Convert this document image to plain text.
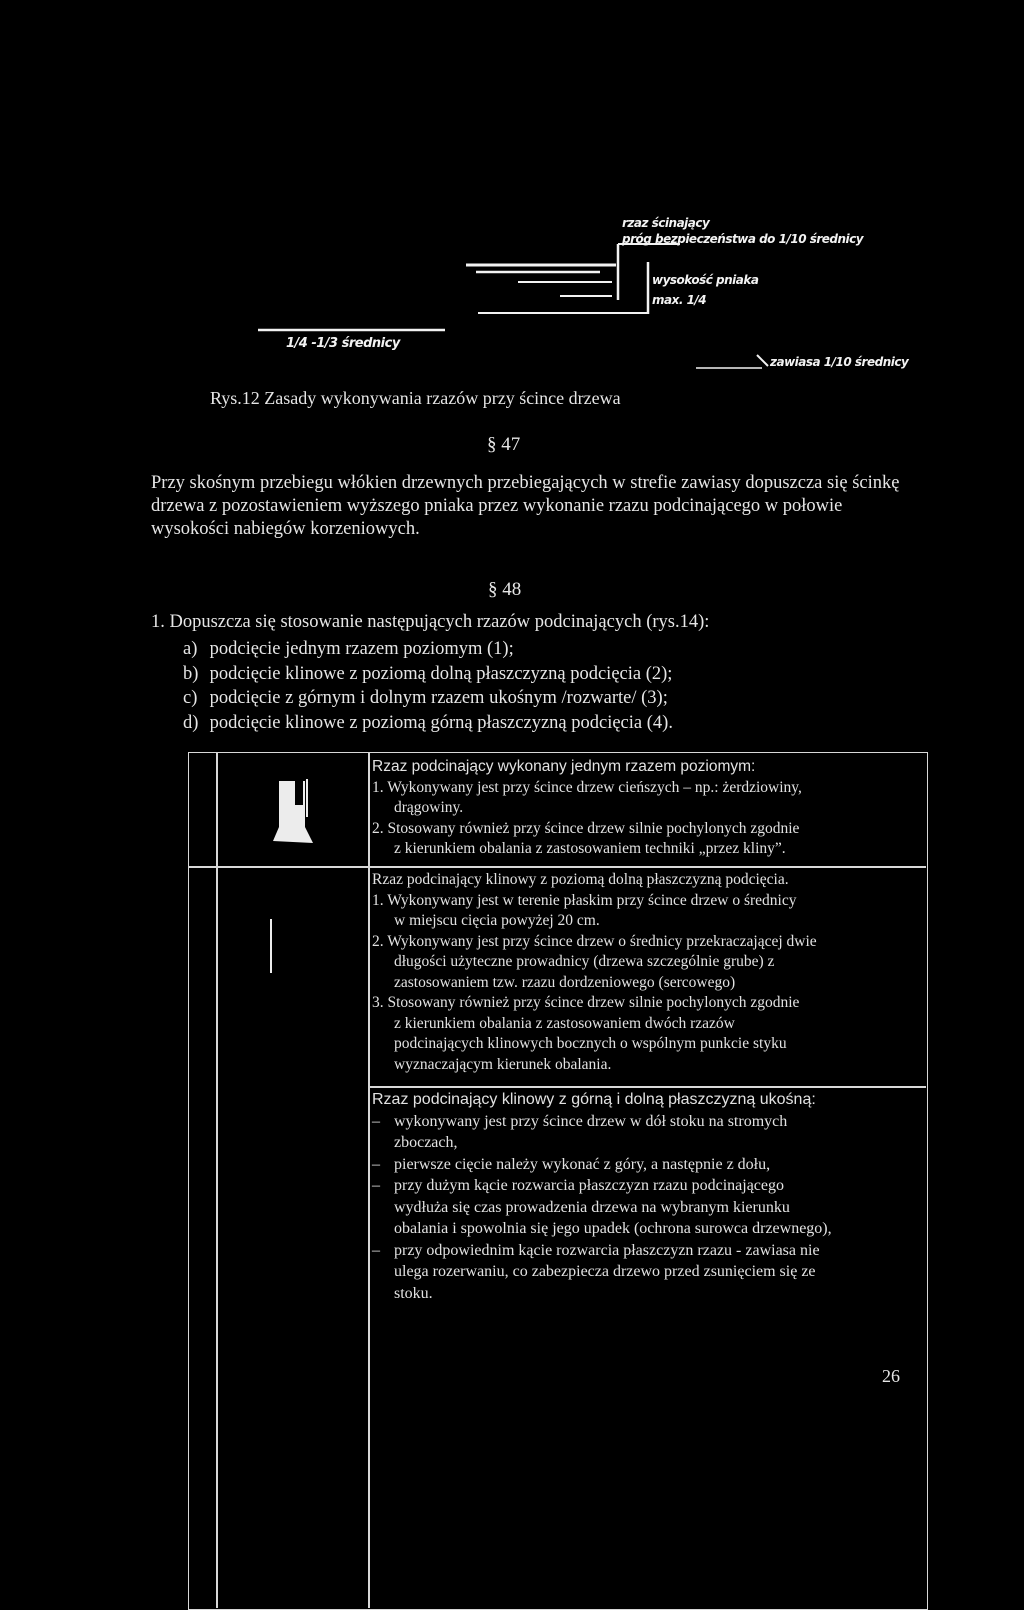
rzaz ścinający
próg bezpieczeństwa do 1/10 średnicy
wysokość pniaka
max. 1/4
1/4 -1/3 średnicy
zawiasa 1/10 średnicy
Rys.12 Zasady wykonywania rzazów przy ścince drzewa
§ 47
Przy skośnym przebiegu włókien drzewnych przebiegających w strefie zawiasy dopuszcza się ścinkę drzewa z pozostawieniem wyższego pniaka przez wykonanie rzazu podcinającego w połowie wysokości nabiegów korzeniowych.
§ 48
1. Dopuszcza się stosowanie następujących rzazów podcinających (rys.14):
a) podcięcie jednym rzazem poziomym (1);
b) podcięcie klinowe z poziomą dolną płaszczyzną podcięcia (2);
c) podcięcie z górnym i dolnym rzazem ukośnym /rozwarte/ (3);
d) podcięcie klinowe z poziomą górną płaszczyzną podcięcia (4).
Rzaz podcinający wykonany jednym rzazem poziomym:
1. Wykonywany jest przy ścince drzew cieńszych – np.: żerdziowiny,
drągowiny.
2. Stosowany również przy ścince drzew silnie pochylonych zgodnie
z kierunkiem obalania z zastosowaniem techniki „przez kliny”.
Rzaz podcinający klinowy z poziomą dolną płaszczyzną podcięcia.
1. Wykonywany jest w terenie płaskim przy ścince drzew o średnicy
w miejscu cięcia powyżej 20 cm.
2. Wykonywany jest przy ścince drzew o średnicy przekraczającej dwie
długości użyteczne prowadnicy (drzewa szczególnie grube) z
zastosowaniem tzw. rzazu dordzeniowego (sercowego)
3. Stosowany również przy ścince drzew silnie pochylonych zgodnie
z kierunkiem obalania z zastosowaniem dwóch rzazów
podcinających klinowych bocznych o wspólnym punkcie styku
wyznaczającym kierunek obalania.
Rzaz podcinający klinowy z górną i dolną płaszczyzną ukośną:
– wykonywany jest przy ścince drzew w dół stoku na stromych
zboczach,
– pierwsze cięcie należy wykonać z góry, a następnie z dołu,
– przy dużym kącie rozwarcia płaszczyzn rzazu podcinającego
wydłuża się czas prowadzenia drzewa na wybranym kierunku
obalania i spowolnia się jego upadek (ochrona surowca drzewnego),
– przy odpowiednim kącie rozwarcia płaszczyzn rzazu - zawiasa nie
ulega rozerwaniu, co zabezpiecza drzewo przed zsunięciem się ze
stoku.
26
